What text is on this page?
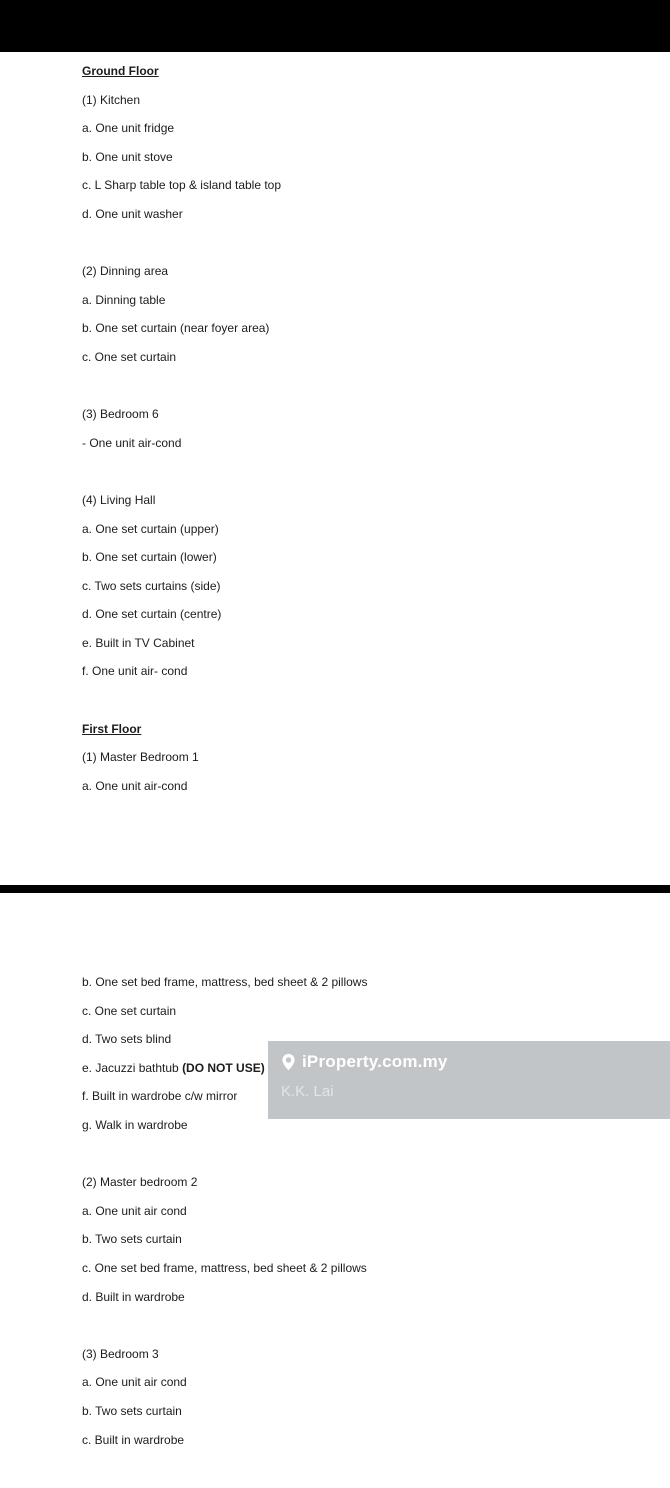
Ground Floor
(1) Kitchen
a. One unit fridge
b. One unit stove
c. L Sharp table top & island table top
d. One unit washer
(2) Dinning area
a. Dinning table
b. One set curtain (near foyer area)
c. One set curtain
(3) Bedroom 6
- One unit air-cond
(4) Living Hall
a. One set curtain (upper)
b. One set curtain (lower)
c. Two sets curtains (side)
d. One set curtain (centre)
e. Built in TV Cabinet
f. One unit air- cond
First Floor
(1) Master Bedroom 1
a. One unit air-cond
b. One set bed frame, mattress, bed sheet & 2 pillows
c. One set curtain
d. Two sets blind
e. Jacuzzi bathtub (DO NOT USE)
f. Built in wardrobe c/w mirror
g. Walk in wardrobe
(2) Master bedroom 2
a. One unit air cond
b. Two sets curtain
c. One set bed frame, mattress, bed sheet & 2 pillows
d. Built in wardrobe
(3) Bedroom 3
a. One unit air cond
b. Two sets curtain
c. Built in wardrobe
iProperty.com.my
K.K. Lai
